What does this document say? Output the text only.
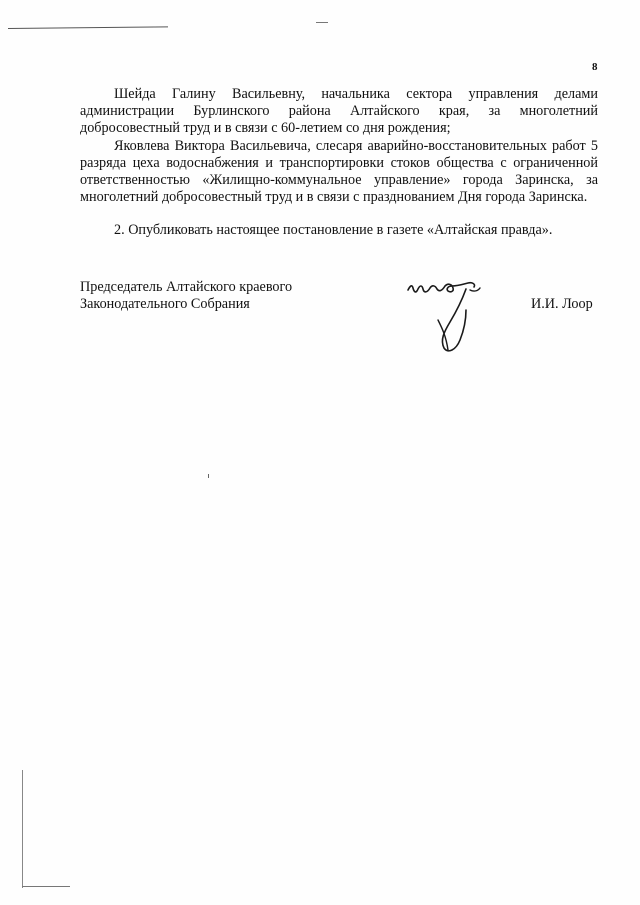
8

Шейда Галину Васильевну, начальника сектора управления делами администрации Бурлинского района Алтайского края, за многолетний добросовестный труд и в связи с 60-летием со дня рождения;

Яковлева Виктора Васильевича, слесаря аварийно-восстановительных работ 5 разряда цеха водоснабжения и транспортировки стоков общества с ограниченной ответственностью «Жилищно-коммунальное управление» города Заринска, за многолетний добросовестный труд и в связи с празднованием Дня города Заринска.

2. Опубликовать настоящее постановление в газете «Алтайская правда».

Председатель Алтайского краевого
Законодательного Собрания	И.И. Лоор
